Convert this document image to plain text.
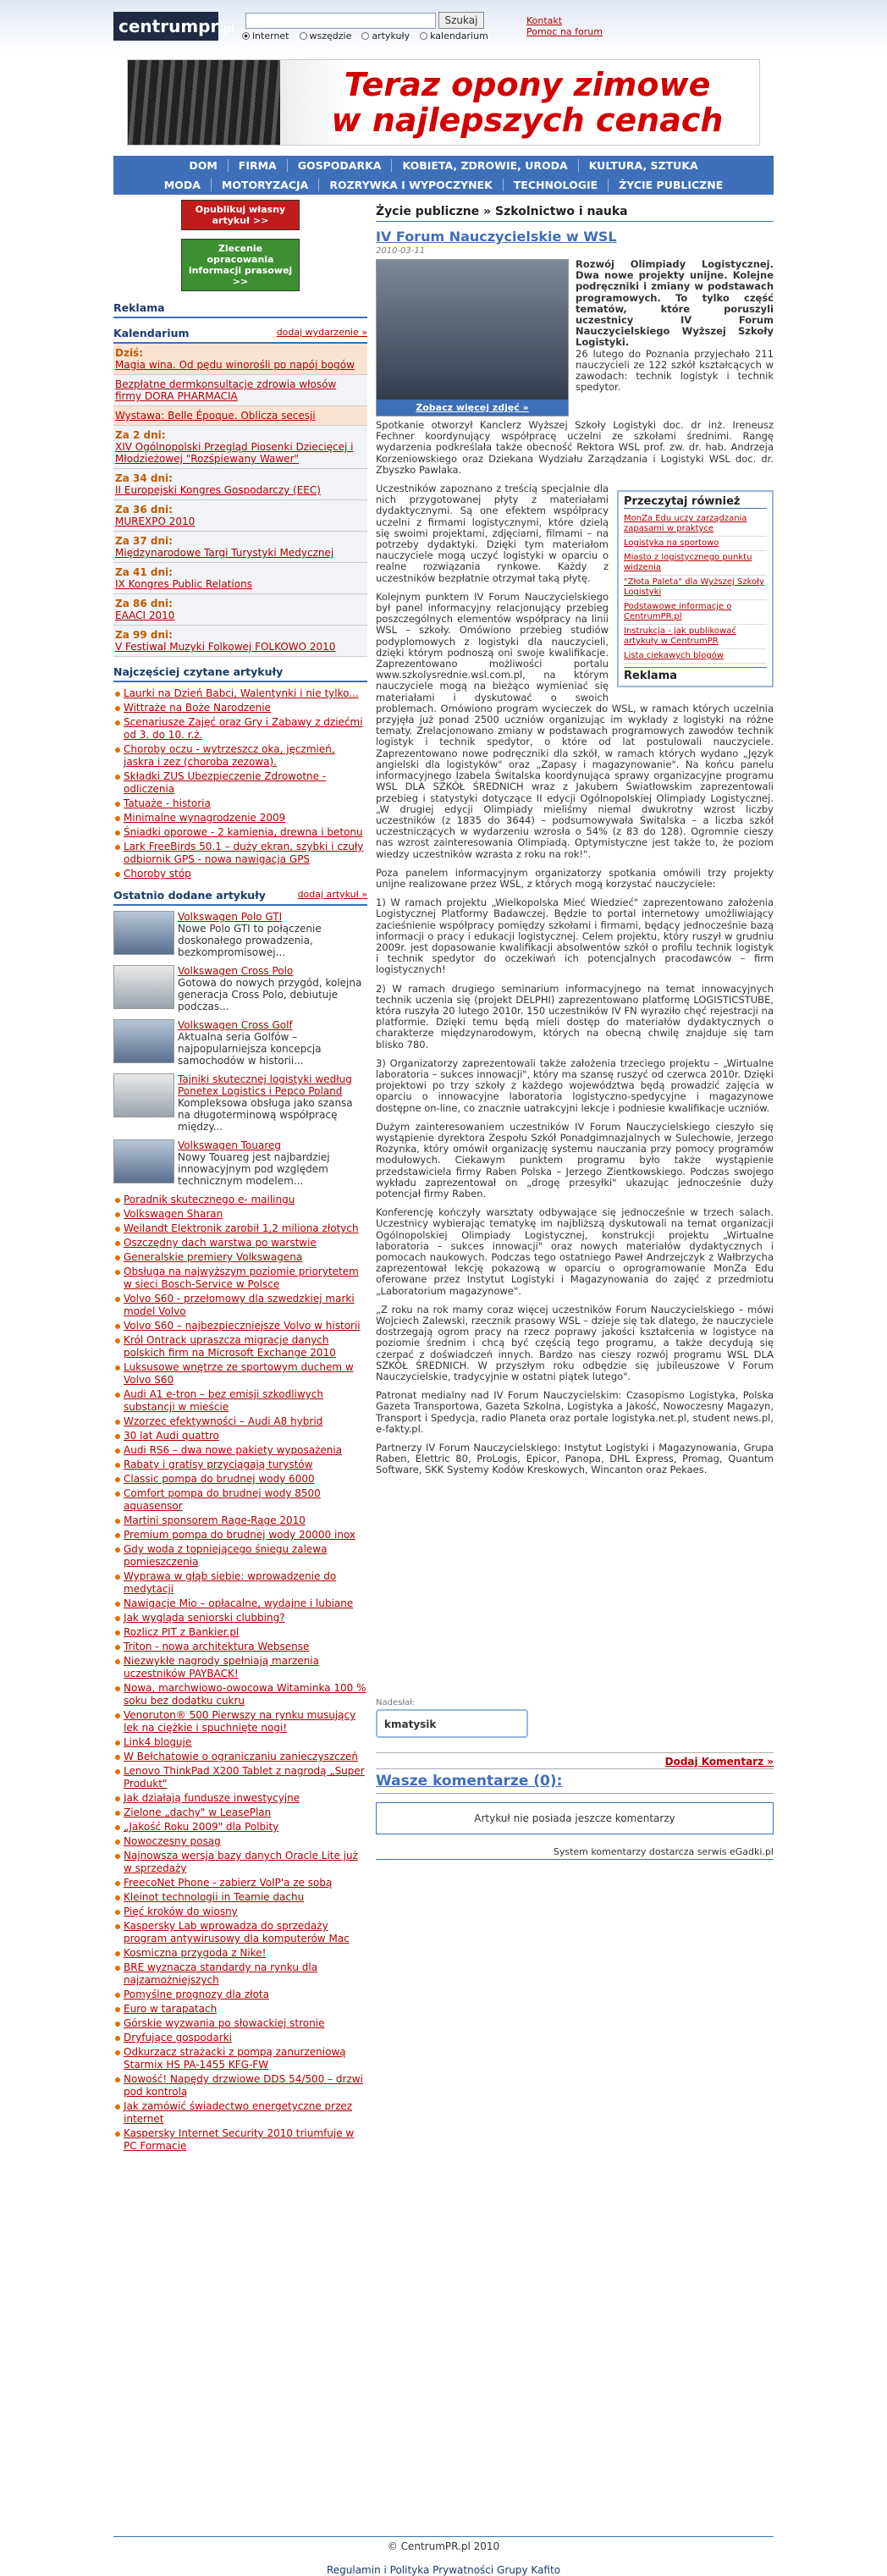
centrumpr.pl
Szukaj
internet	wszędzie	artykuły	kalendarium
Kontakt
Pomoc na forum
Teraz opony zimowe
w najlepszych cenach
DOM	FIRMA	GOSPODARKA	KOBIETA, ZDROWIE, URODA	KULTURA, SZTUKA
MODA	MOTORYZACJA	ROZRYWKA I WYPOCZYNEK	TECHNOLOGIE	ŻYCIE PUBLICZNE
Opublikuj własny artykuł >>
Zlecenie opracowania informacji prasowej >>
Reklama
Kalendarium	dodaj wydarzenie »
Dziś:
Magia wina. Od pędu winorośli po napój bogów
Bezpłatne dermkonsultacje zdrowia włosów firmy DORA PHARMACIA
Wystawa: Belle Époque. Oblicza secesji
Za 2 dni:
XIV Ogólnopolski Przegląd Piosenki Dziecięcej i Młodzieżowej "Rozśpiewany Wawer"
Za 34 dni:
II Europejski Kongres Gospodarczy (EEC)
Za 36 dni:
MUREXPO 2010
Za 37 dni:
Międzynarodowe Targi Turystyki Medycznej
Za 41 dni:
IX Kongres Public Relations
Za 86 dni:
EAACI 2010
Za 99 dni:
V Festiwal Muzyki Folkowej FOLKOWO 2010
Najczęściej czytane artykuły
Laurki na Dzień Babci, Walentynki i nie tylko...
Wittraże na Boże Narodzenie
Scenariusze Zajęć oraz Gry i Zabawy z dziećmi od 3. do 10. r.ż.
Choroby oczu - wytrzeszcz oka, jęczmień, jaskra i zez (choroba zezowa).
Składki ZUS Ubezpieczenie Zdrowotne - odliczenia
Tatuaże - historia
Minimalne wynagrodzenie 2009
Śniadki oporowe - 2 kamienia, drewna i betonu
Lark FreeBirds 50.1 – duży ekran, szybki i czuły odbiornik GPS - nowa nawigacja GPS
Choroby stóp
Ostatnio dodane artykuły	dodaj artykuł »
Volkswagen Polo GTI
Nowe Polo GTI to połączenie doskonałego prowadzenia, bezkompromisowej...
Volkswagen Cross Polo
Gotowa do nowych przygód, kolejna generacja Cross Polo, debiutuje podczas...
Volkswagen Cross Golf
Aktualna seria Golfów – najpopularniejsza koncepcja samochodów w historii...
Tajniki skutecznej logistyki według Ponetex Logistics i Pepco Poland
Kompleksowa obsługa jako szansa na długoterminową współpracę między...
Volkswagen Touareg
Nowy Touareg jest najbardziej innowacyjnym pod względem technicznym modelem...
Poradnik skutecznego e- mailingu
Volkswagen Sharan
Weilandt Elektronik zarobił 1,2 miliona złotych
Oszczędny dach warstwa po warstwie
Generalskie premiery Volkswagena
Obsługa na najwyższym poziomie priorytetem w sieci Bosch-Service w Polsce
Volvo S60 - przełomowy dla szwedzkiej marki model Volvo
Volvo S60 – najbezpieczniejsze Volvo w historii
Król Ontrack upraszcza migracje danych polskich firm na Microsoft Exchange 2010
Luksusowe wnętrze ze sportowym duchem w Volvo S60
Audi A1 e-tron – bez emisji szkodliwych substancji w mieście
Wzorzec efektywności – Audi A8 hybrid
30 lat Audi quattro
Audi RS6 – dwa nowe pakiety wyposażenia
Rabaty i gratisy przyciągają turystów
Classic pompa do brudnej wody 6000
Comfort pompa do brudnej wody 8500 aquasensor
Martini sponsorem Rage-Rage 2010
Premium pompa do brudnej wody 20000 inox
Gdy woda z topniejącego śniegu zalewa pomieszczenia
Wyprawa w głąb siebie: wprowadzenie do medytacji
Nawigacje Mio – opłacalne, wydajne i lubiane
Jak wygląda seniorski clubbing?
Rozlicz PIT z Bankier.pl
Triton - nowa architektura Websense
Niezwykłe nagrody spełniają marzenia uczestników PAYBACK!
Nowa, marchwiowo-owocowa Witaminka 100 % soku bez dodatku cukru
Venoruton® 500 Pierwszy na rynku musujący lek na ciężkie i spuchnięte nogi!
Link4 blogujе
W Bełchatowie o ograniczaniu zanieczyszczeń
Lenovo ThinkPad X200 Tablet z nagrodą „Super Produkt"
Jak działają fundusze inwestycyjne
Zielone „dachy" w LeasePlan
„Jakość Roku 2009" dla Polbity
Nowoczesny posag
Najnowsza wersja bazy danych Oracle Lite już w sprzedaży
FreecoNet Phone - zabierz VoIP'a ze sobą
Kleinot technologii in Teamie dachu
Pięć kroków do wiosny
Kaspersky Lab wprowadza do sprzedaży program antywirusowy dla komputerów Mac
Kosmiczna przygoda z Nike!
BRE wyznacza standardy na rynku dla najzamożniejszych
Pomyślne prognozy dla złota
Euro w tarapatach
Górskie wyzwania po słowackiej stronie
Dryfujące gospodarki
Odkurzacz strażacki z pompą zanurzeniową Starmix HS PA-1455 KFG-FW
Nowość! Napędy drzwiowe DDS 54/500 – drzwi pod kontrolą
Jak zamówić świadectwo energetyczne przez internet
Kaspersky Internet Security 2010 triumfuje w PC Formacie
Życie publiczne » Szkolnictwo i nauka
IV Forum Nauczycielskie w WSL
2010-03-11
Zobacz więcej zdjęć »
Rozwój Olimpiady Logistycznej. Dwa nowe projekty unijne. Kolejne podręczniki i zmiany w podstawach programowych. To tylko część tematów, które poruszyli uczestnicy IV Forum Nauczycielskiego Wyższej Szkoły Logistyki.
26 lutego do Poznania przyjechało 211 nauczycieli ze 122 szkół kształcących w zawodach: technik logistyk i technik spedytor.
Spotkanie otworzył Kanclerz Wyższej Szkoły Logistyki doc. dr inż. Ireneusz Fechner koordynujący współpracę uczelni ze szkołami średnimi. Rangę wydarzenia podkreślała także obecność Rektora WSL prof. zw. dr. hab. Andrzeja Korzeniowskiego oraz Dziekana Wydziału Zarządzania i Logistyki WSL doc. dr. Zbyszko Pawlaka.
Przeczytaj również
MonZa Edu uczy zarządzania zapasami w praktyce
Logistyka na sportowo
Miasto z logistycznego punktu widzenia
"Złota Paleta" dla Wyższej Szkoły Logistyki
Podstawowe informacje o CentrumPR.pl
Instrukcja - jak publikować artykuły w CentrumPR
Lista ciekawych blogów
Reklama
Uczestników zapoznano z treścią specjalnie dla nich przygotowanej płyty z materiałami dydaktycznymi. Są one efektem współpracy uczelni z firmami logistycznymi, które dzielą się swoimi projektami, zdjęciami, filmami – na potrzeby dydaktyki. Dzięki tym materiałom nauczyciele mogą uczyć logistyki w oparciu o realne rozwiązania rynkowe. Każdy z uczestników bezpłatnie otrzymał taką płytę.
Kolejnym punktem IV Forum Nauczycielskiego był panel informacyjny relacjonujący przebieg poszczególnych elementów współpracy na linii WSL – szkoły. Omówiono przebieg studiów podyplomowych z logistyki dla nauczycieli, dzięki którym podnoszą oni swoje kwalifikacje. Zaprezentowano możliwości portalu www.szkolysrednie.wsl.com.pl, na którym nauczyciele mogą na bieżąco wymieniać się materiałami i dyskutować o swoich problemach. Omówiono program wycieczek do WSL, w ramach których uczelnia przyjęła już ponad 2500 uczniów organizując im wykłady z logistyki na różne tematy. Zrelacjonowano zmiany w podstawach programowych zawodów technik logistyk i technik spedytor, o które od lat postulowali nauczyciele. Zaprezentowano nowe podręczniki dla szkół, w ramach których wydano „Język angielski dla logistyków" oraz „Zapasy i magazynowanie". Na końcu panelu informacyjnego Izabela Świtalska koordynująca sprawy organizacyjne programu WSL DLA SZKÓŁ ŚREDNICH wraz z Jakubem Światłowskim zaprezentowali przebieg i statystyki dotyczące II edycji Ogólnopolskiej Olimpiady Logistycznej. „W drugiej edycji Olimpiady mieliśmy niemal dwukrotny wzrost liczby uczestników (z 1835 do 3644) – podsumowywała Świtalska – a liczba szkół uczestniczących w wydarzeniu wzrosła o 54% (z 83 do 128). Ogromnie cieszy nas wzrost zainteresowania Olimpiadą. Optymistyczne jest także to, że poziom wiedzy uczestników wzrasta z roku na rok!".
Poza panelem informacyjnym organizatorzy spotkania omówili trzy projekty unijne realizowane przez WSL, z których mogą korzystać nauczyciele:
1) W ramach projektu „Wielkopolska Mieć Wiedzieć" zaprezentowano założenia Logistycznej Platformy Badawczej. Będzie to portal internetowy umożliwiający zacieśnienie współpracy pomiędzy szkołami i firmami, będący jednocześnie bazą informacji o pracy i edukacji logistycznej. Celem projektu, który ruszył w grudniu 2009r. jest dopasowanie kwalifikacji absolwentów szkół o profilu technik logistyk i technik spedytor do oczekiwań ich potencjalnych pracodawców – firm logistycznych!
2) W ramach drugiego seminarium informacyjnego na temat innowacyjnych technik uczenia się (projekt DELPHI) zaprezentowano platformę LOGISTICSTUBE, która ruszyła 20 lutego 2010r. 150 uczestników IV FN wyraziło chęć rejestracji na platformie. Dzięki temu będą mieli dostęp do materiałów dydaktycznych o charakterze międzynarodowym, których na obecną chwilę znajduje się tam blisko 780.
3) Organizatorzy zaprezentowali także założenia trzeciego projektu – „Wirtualne laboratoria – sukces innowacji", który ma szansę ruszyć od czerwca 2010r. Dzięki projektowi po trzy szkoły z każdego województwa będą prowadzić zajęcia w oparciu o innowacyjne laboratoria logistyczno-spedycyjne i magazynowe dostępne on-line, co znacznie uatrakcyjni lekcje i podniesie kwalifikacje uczniów.
Dużym zainteresowaniem uczestników IV Forum Nauczycielskiego cieszyło się wystąpienie dyrektora Zespołu Szkół Ponadgimnazjalnych w Sulechowie, Jerzego Rozynka, który omówił organizację systemu nauczania przy pomocy programów modułowych. Ciekawym punktem programu było także wystąpienie przedstawiciela firmy Raben Polska – Jerzego Zientkowskiego. Podczas swojego wykładu zaprezentował on „drogę przesyłki" ukazując jednocześnie duży potencjał firmy Raben.
Konferencję kończyły warsztaty odbywające się jednocześnie w trzech salach. Uczestnicy wybierając tematykę im najbliższą dyskutowali na temat organizacji Ogólnopolskiej Olimpiady Logistycznej, konstrukcji projektu „Wirtualne laboratoria – sukces innowacji" oraz nowych materiałów dydaktycznych i pomocach naukowych. Podczas tego ostatniego Paweł Andrzejczyk z Wałbrzycha zaprezentował lekcję pokazową w oparciu o oprogramowanie MonZa Edu oferowane przez Instytut Logistyki i Magazynowania do zajęć z przedmiotu „Laboratorium magazynowe".
„Z roku na rok mamy coraz więcej uczestników Forum Nauczycielskiego – mówi Wojciech Zalewski, rzecznik prasowy WSL – dzieje się tak dlatego, że nauczyciele dostrzegają ogrom pracy na rzecz poprawy jakości kształcenia w logistyce na poziomie średnim i chcą być częścią tego programu, a także decydują się czerpać z doświadczeń innych. Bardzo nas cieszy rozwój programu WSL DLA SZKÓŁ ŚREDNICH. W przyszłym roku odbędzie się jubileuszowe V Forum Nauczycielskie, tradycyjnie w ostatni piątek lutego".
Patronat medialny nad IV Forum Nauczycielskim: Czasopismo Logistyka, Polska Gazeta Transportowa, Gazeta Szkolna, Logistyka a Jakość, Nowoczesny Magazyn, Transport i Spedycja, radio Planeta oraz portale logistyka.net.pl, student news.pl, e-fakty.pl.
Partnerzy IV Forum Nauczycielskiego: Instytut Logistyki i Magazynowania, Grupa Raben, Elettric 80, ProLogis, Epicor, Panopa, DHL Express, Promag, Quantum Software, SKK Systemy Kodów Kreskowych, Wincanton oraz Pekaes.
Nadesłał:
kmatysik
Dodaj Komentarz »
Wasze komentarze (0):
Artykuł nie posiada jeszcze komentarzy
System komentarzy dostarcza serwis eGadki.pl
© CentrumPR.pl 2010
Regulamin i Polityka Prywatności Grupy Kafito
